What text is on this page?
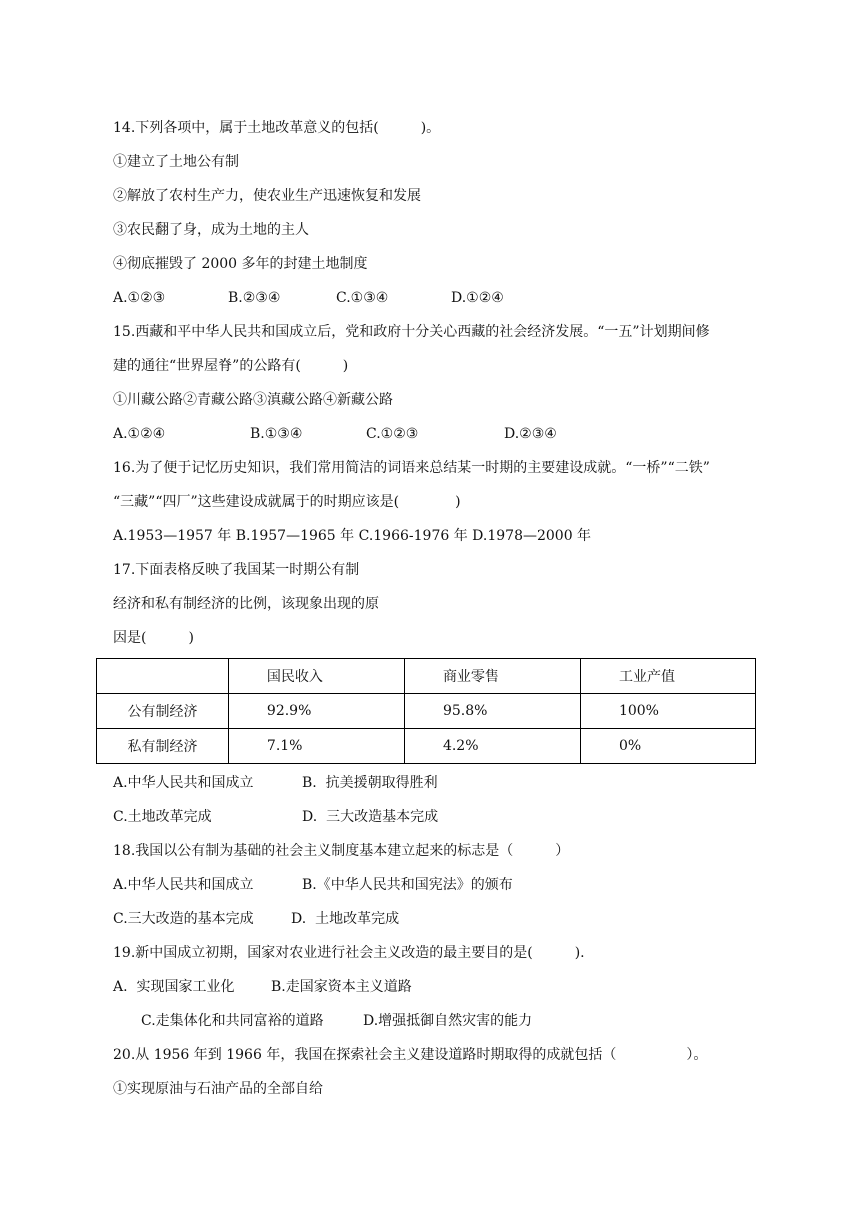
14.下列各项中，属于土地改革意义的包括(　　　)。
①建立了土地公有制
②解放了农村生产力，使农业生产迅速恢复和发展
③农民翻了身，成为土地的主人
④彻底摧毁了 2000 多年的封建土地制度
A.①②③	B.②③④	C.①③④	D.①②④
15.西藏和平中华人民共和国成立后，党和政府十分关心西藏的社会经济发展。“一五”计划期间修
建的通往“世界屋脊”的公路有(　　　)
①川藏公路②青藏公路③滇藏公路④新藏公路
A.①②④	B.①③④	C.①②③	D.②③④
16.为了便于记忆历史知识，我们常用简洁的词语来总结某一时期的主要建设成就。“一桥”“二铁”
“三藏”“四厂”这些建设成就属于的时期应该是(　　　　)
A.1953—1957 年 B.1957—1965 年 C.1966-1976 年 D.1978—2000 年
17.下面表格反映了我国某一时期公有制
经济和私有制经济的比例，该现象出现的原
因是(　　　)
	国民收入	商业零售	工业产值
公有制经济	92.9%	95.8%	100%
私有制经济	7.1%	4.2%	0%
A.中华人民共和国成立	B.  抗美援朝取得胜利
C.土地改革完成	D.  三大改造基本完成
18.我国以公有制为基础的社会主义制度基本建立起来的标志是（　　　）
A.中华人民共和国成立	B.《中华人民共和国宪法》的颁布
C.三大改造的基本完成	D.  土地改革完成
19.新中国成立初期，国家对农业进行社会主义改造的最主要目的是(　　　).
A.  实现国家工业化	B.走国家资本主义道路
C.走集体化和共同富裕的道路	D.增强抵御自然灾害的能力
20.从 1956 年到 1966 年，我国在探索社会主义建设道路时期取得的成就包括（　　　　　）。
①实现原油与石油产品的全部自给
